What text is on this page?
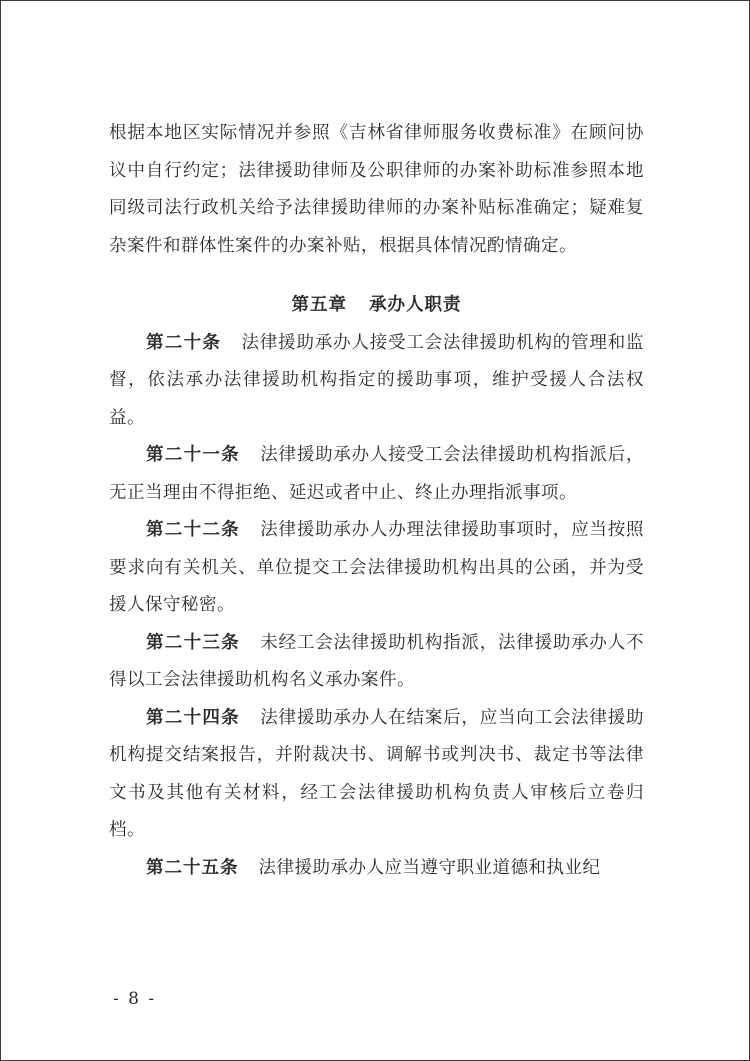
根据本地区实际情况并参照《吉林省律师服务收费标准》在顾问协议中自行约定；法律援助律师及公职律师的办案补助标准参照本地同级司法行政机关给予法律援助律师的办案补贴标准确定；疑难复杂案件和群体性案件的办案补贴，根据具体情况酌情确定。

第五章 承办人职责

第二十条 法律援助承办人接受工会法律援助机构的管理和监督，依法承办法律援助机构指定的援助事项，维护受援人合法权益。

第二十一条 法律援助承办人接受工会法律援助机构指派后，无正当理由不得拒绝、延迟或者中止、终止办理指派事项。

第二十二条 法律援助承办人办理法律援助事项时，应当按照要求向有关机关、单位提交工会法律援助机构出具的公函，并为受援人保守秘密。

第二十三条 未经工会法律援助机构指派，法律援助承办人不得以工会法律援助机构名义承办案件。

第二十四条 法律援助承办人在结案后，应当向工会法律援助机构提交结案报告，并附裁决书、调解书或判决书、裁定书等法律文书及其他有关材料，经工会法律援助机构负责人审核后立卷归档。

第二十五条 法律援助承办人应当遵守职业道德和执业纪

- 8 -
